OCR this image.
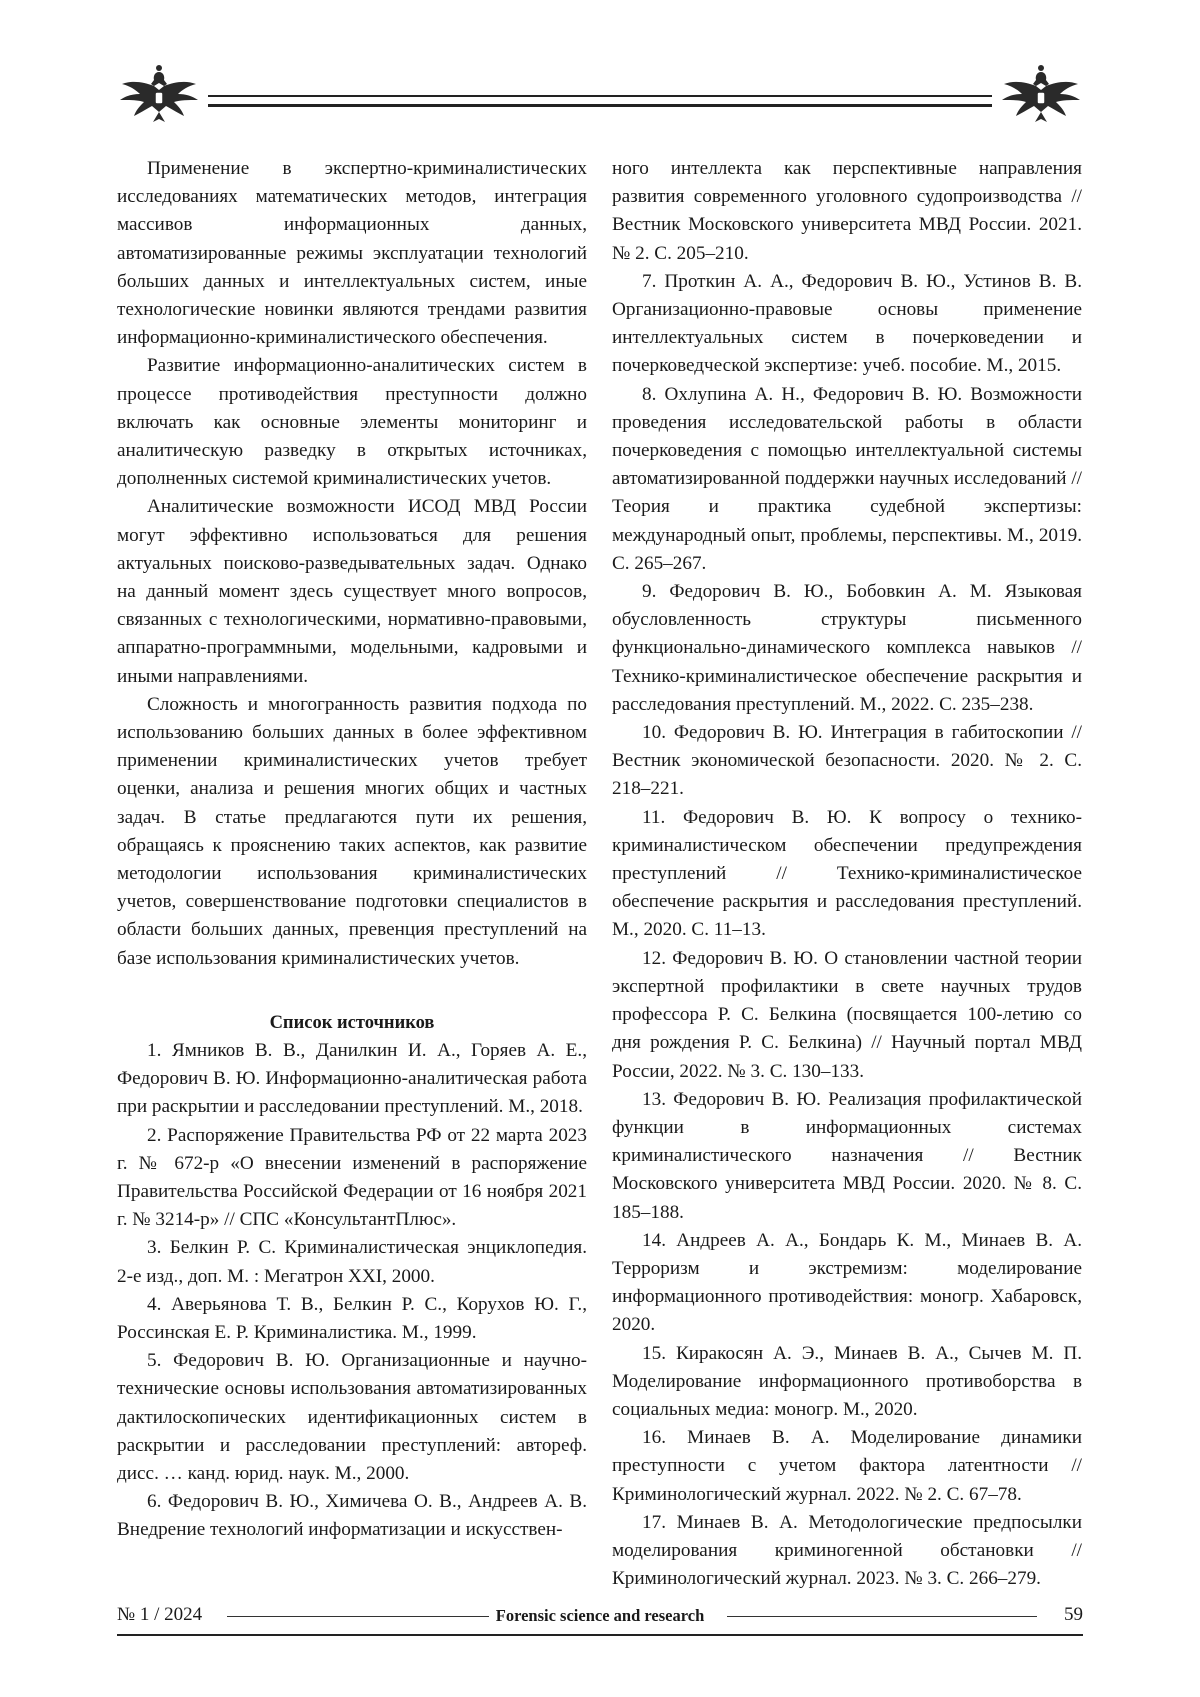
Применение в экспертно-криминалистических исследованиях математических методов, интеграция массивов информационных данных, автоматизированные режимы эксплуатации технологий больших данных и интеллектуальных систем, иные технологические новинки являются трендами развития информационно-криминалистического обеспечения.

Развитие информационно-аналитических систем в процессе противодействия преступности должно включать как основные элементы мониторинг и аналитическую разведку в открытых источниках, дополненных системой криминалистических учетов.

Аналитические возможности ИСОД МВД России могут эффективно использоваться для решения актуальных поисково-разведывательных задач. Однако на данный момент здесь существует много вопросов, связанных с технологическими, нормативно-правовыми, аппаратно-программными, модельными, кадровыми и иными направлениями.

Сложность и многогранность развития подхода по использованию больших данных в более эффективном применении криминалистических учетов требует оценки, анализа и решения многих общих и частных задач. В статье предлагаются пути их решения, обращаясь к прояснению таких аспектов, как развитие методологии использования криминалистических учетов, совершенствование подготовки специалистов в области больших данных, превенция преступлений на базе использования криминалистических учетов.

Список источников

1. Ямников В. В., Данилкин И. А., Горяев А. Е., Федорович В. Ю. Информационно-аналитическая работа при раскрытии и расследовании преступлений. М., 2018.

2. Распоряжение Правительства РФ от 22 марта 2023 г. № 672-р «О внесении изменений в распоряжение Правительства Российской Федерации от 16 ноября 2021 г. № 3214-р» // СПС «КонсультантПлюс».

3. Белкин Р. С. Криминалистическая энциклопедия. 2-е изд., доп. М. : Мегатрон XXI, 2000.

4. Аверьянова Т. В., Белкин Р. С., Корухов Ю. Г., Россинская Е. Р. Криминалистика. М., 1999.

5. Федорович В. Ю. Организационные и научно-технические основы использования автоматизированных дактилоскопических идентификационных систем в раскрытии и расследовании преступлений: автореф. дисс. … канд. юрид. наук. М., 2000.

6. Федорович В. Ю., Химичева О. В., Андреев А. В. Внедрение технологий информатизации и искусствен-

ного интеллекта как перспективные направления развития современного уголовного судопроизводства // Вестник Московского университета МВД России. 2021. № 2. С. 205–210.

7. Проткин А. А., Федорович В. Ю., Устинов В. В. Организационно-правовые основы применение интеллектуальных систем в почерковедении и почерковедческой экспертизе: учеб. пособие. М., 2015.

8. Охлупина А. Н., Федорович В. Ю. Возможности проведения исследовательской работы в области почерковедения с помощью интеллектуальной системы автоматизированной поддержки научных исследований // Теория и практика судебной экспертизы: международный опыт, проблемы, перспективы. М., 2019. С. 265–267.

9. Федорович В. Ю., Бобовкин А. М. Языковая обусловленность структуры письменного функционально-динамического комплекса навыков // Технико-криминалистическое обеспечение раскрытия и расследования преступлений. М., 2022. С. 235–238.

10. Федорович В. Ю. Интеграция в габитоскопии // Вестник экономической безопасности. 2020. № 2. С. 218–221.

11. Федорович В. Ю. К вопросу о технико-криминалистическом обеспечении предупреждения преступлений // Технико-криминалистическое обеспечение раскрытия и расследования преступлений. М., 2020. С. 11–13.

12. Федорович В. Ю. О становлении частной теории экспертной профилактики в свете научных трудов профессора Р. С. Белкина (посвящается 100-летию со дня рождения Р. С. Белкина) // Научный портал МВД России, 2022. № 3. С. 130–133.

13. Федорович В. Ю. Реализация профилактической функции в информационных системах криминалистического назначения // Вестник Московского университета МВД России. 2020. № 8. С. 185–188.

14. Андреев А. А., Бондарь К. М., Минаев В. А. Терроризм и экстремизм: моделирование информационного противодействия: моногр. Хабаровск, 2020.

15. Киракосян А. Э., Минаев В. А., Сычев М. П. Моделирование информационного противоборства в социальных медиа: моногр. М., 2020.

16. Минаев В. А. Моделирование динамики преступности с учетом фактора латентности // Криминологический журнал. 2022. № 2. С. 67–78.

17. Минаев В. А. Методологические предпосылки моделирования криминогенной обстановки // Криминологический журнал. 2023. № 3. С. 266–279.

№ 1 / 2024	Forensic science and research	59
